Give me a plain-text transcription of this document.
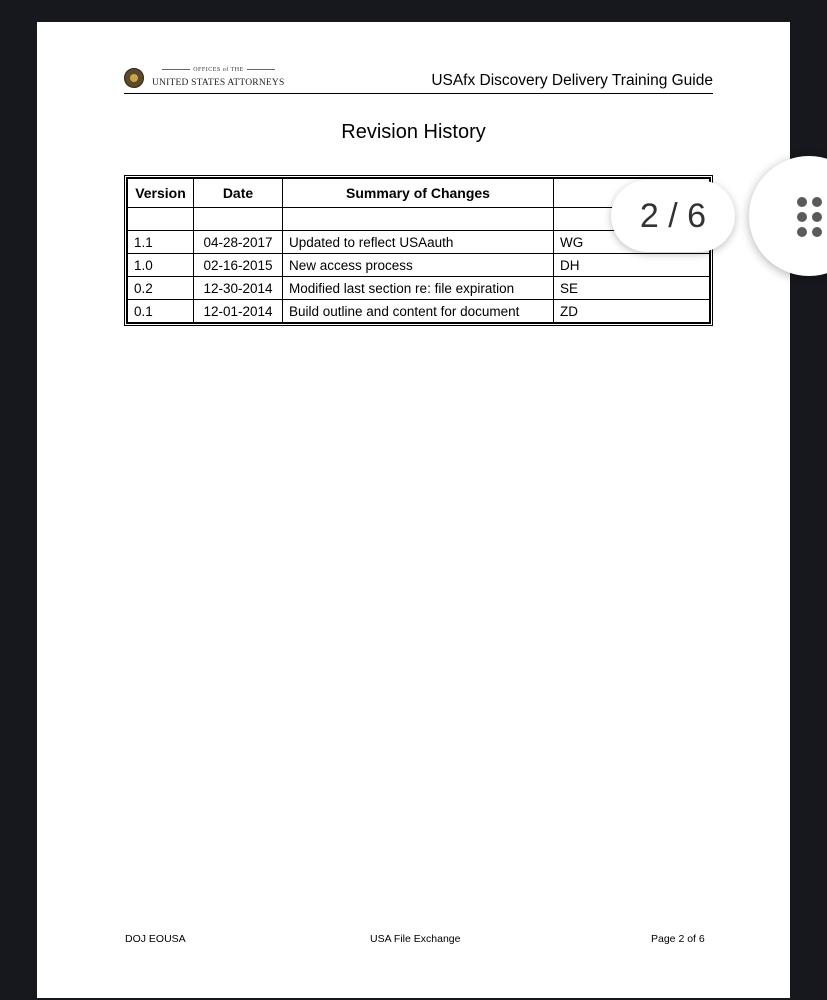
OFFICES of THE
UNITED STATES ATTORNEYS	USAfx Discovery Delivery Training Guide
Revision History
Version	Date	Summary of Changes	

1.1	04-28-2017	Updated to reflect USAauth	WG
1.0	02-16-2015	New access process	DH
0.2	12-30-2014	Modified last section re: file expiration	SE
0.1	12-01-2014	Build outline and content for document	ZD
DOJ EOUSA	USA File Exchange	Page 2 of 6
2 / 6
